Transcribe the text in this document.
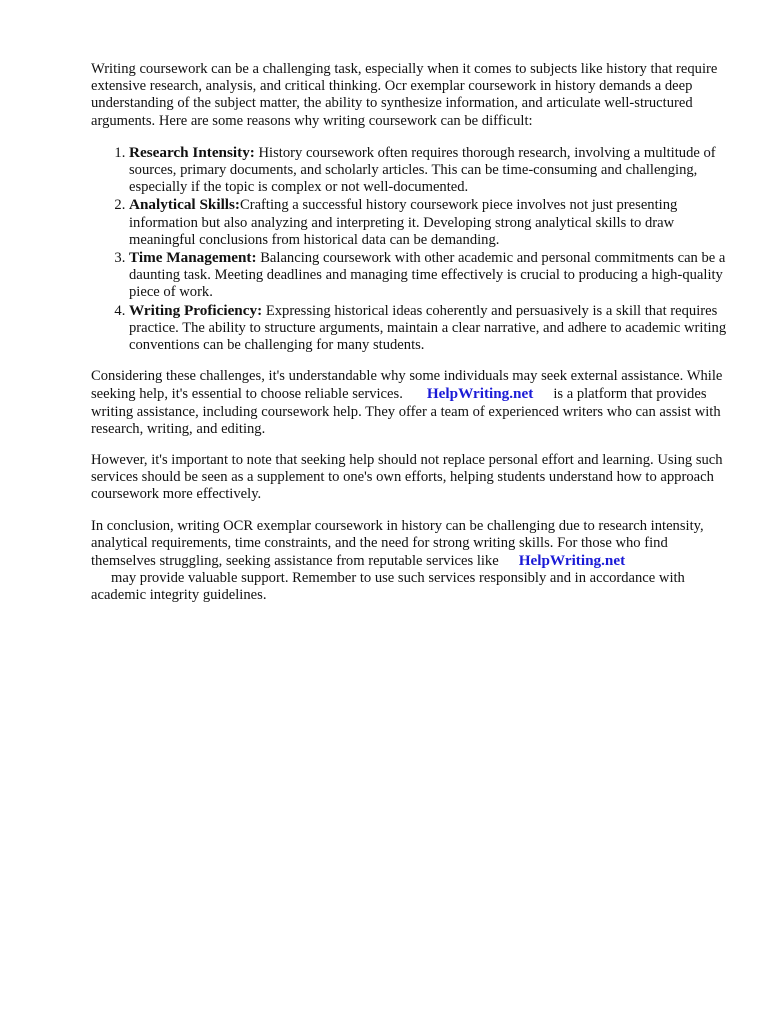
Writing coursework can be a challenging task, especially when it comes to subjects like history that require extensive research, analysis, and critical thinking. Ocr exemplar coursework in history demands a deep understanding of the subject matter, the ability to synthesize information, and articulate well-structured arguments. Here are some reasons why writing coursework can be difficult:

1. Research Intensity: History coursework often requires thorough research, involving a multitude of sources, primary documents, and scholarly articles. This can be time-consuming and challenging, especially if the topic is complex or not well-documented.
2. Analytical Skills:Crafting a successful history coursework piece involves not just presenting information but also analyzing and interpreting it. Developing strong analytical skills to draw meaningful conclusions from historical data can be demanding.
3. Time Management: Balancing coursework with other academic and personal commitments can be a daunting task. Meeting deadlines and managing time effectively is crucial to producing a high-quality piece of work.
4. Writing Proficiency: Expressing historical ideas coherently and persuasively is a skill that requires practice. The ability to structure arguments, maintain a clear narrative, and adhere to academic writing conventions can be challenging for many students.

Considering these challenges, it's understandable why some individuals may seek external assistance. While seeking help, it's essential to choose reliable services. HelpWriting.net is a platform that provides writing assistance, including coursework help. They offer a team of experienced writers who can assist with research, writing, and editing.

However, it's important to note that seeking help should not replace personal effort and learning. Using such services should be seen as a supplement to one's own efforts, helping students understand how to approach coursework more effectively.

In conclusion, writing OCR exemplar coursework in history can be challenging due to research intensity, analytical requirements, time constraints, and the need for strong writing skills. For those who find themselves struggling, seeking assistance from reputable services like HelpWriting.net
may provide valuable support. Remember to use such services responsibly and in accordance with academic integrity guidelines.
